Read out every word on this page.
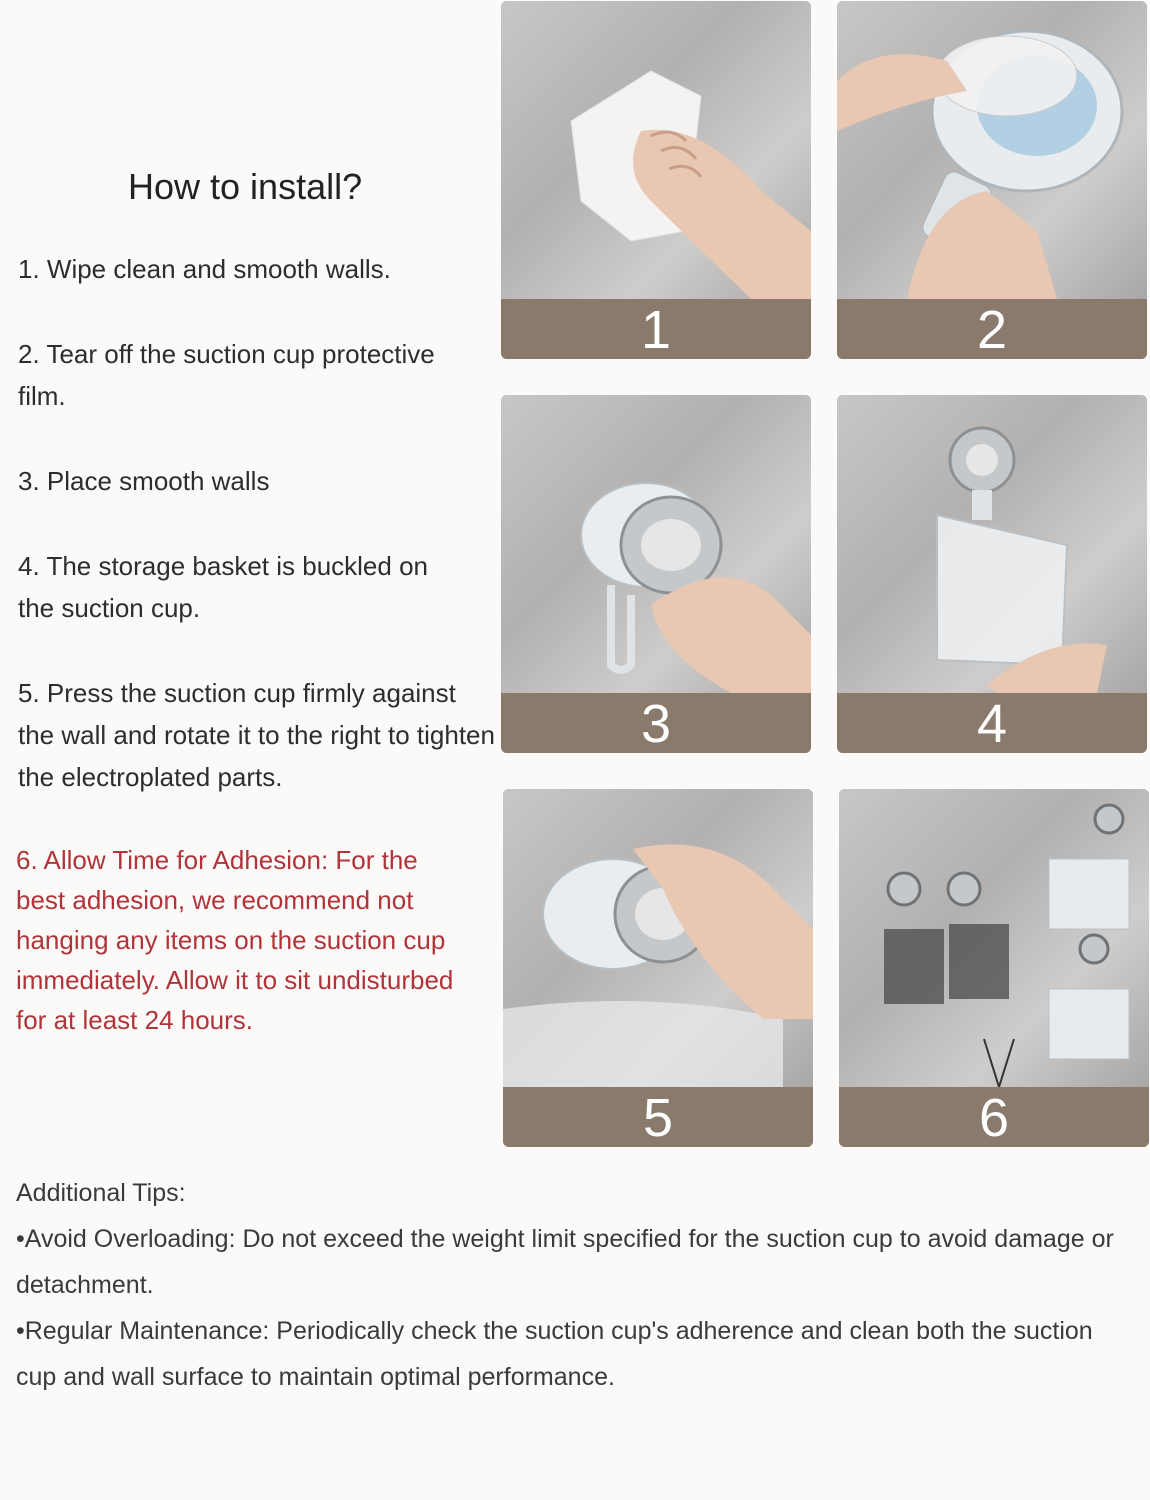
How to install?
1. Wipe clean and smooth walls.
2. Tear off the suction cup protective film.
3. Place smooth walls
4. The storage basket is buckled on the suction cup.
5. Press the suction cup firmly against the wall and rotate it to the right to tighten the electroplated parts.
6. Allow Time for Adhesion: For the best adhesion, we recommend not hanging any items on the suction cup immediately. Allow it to sit undisturbed for at least 24 hours.
1	2
3	4
5	6
Additional Tips:
•Avoid Overloading: Do not exceed the weight limit specified for the suction cup to avoid damage or detachment.
•Regular Maintenance: Periodically check the suction cup's adherence and clean both the suction cup and wall surface to maintain optimal performance.
